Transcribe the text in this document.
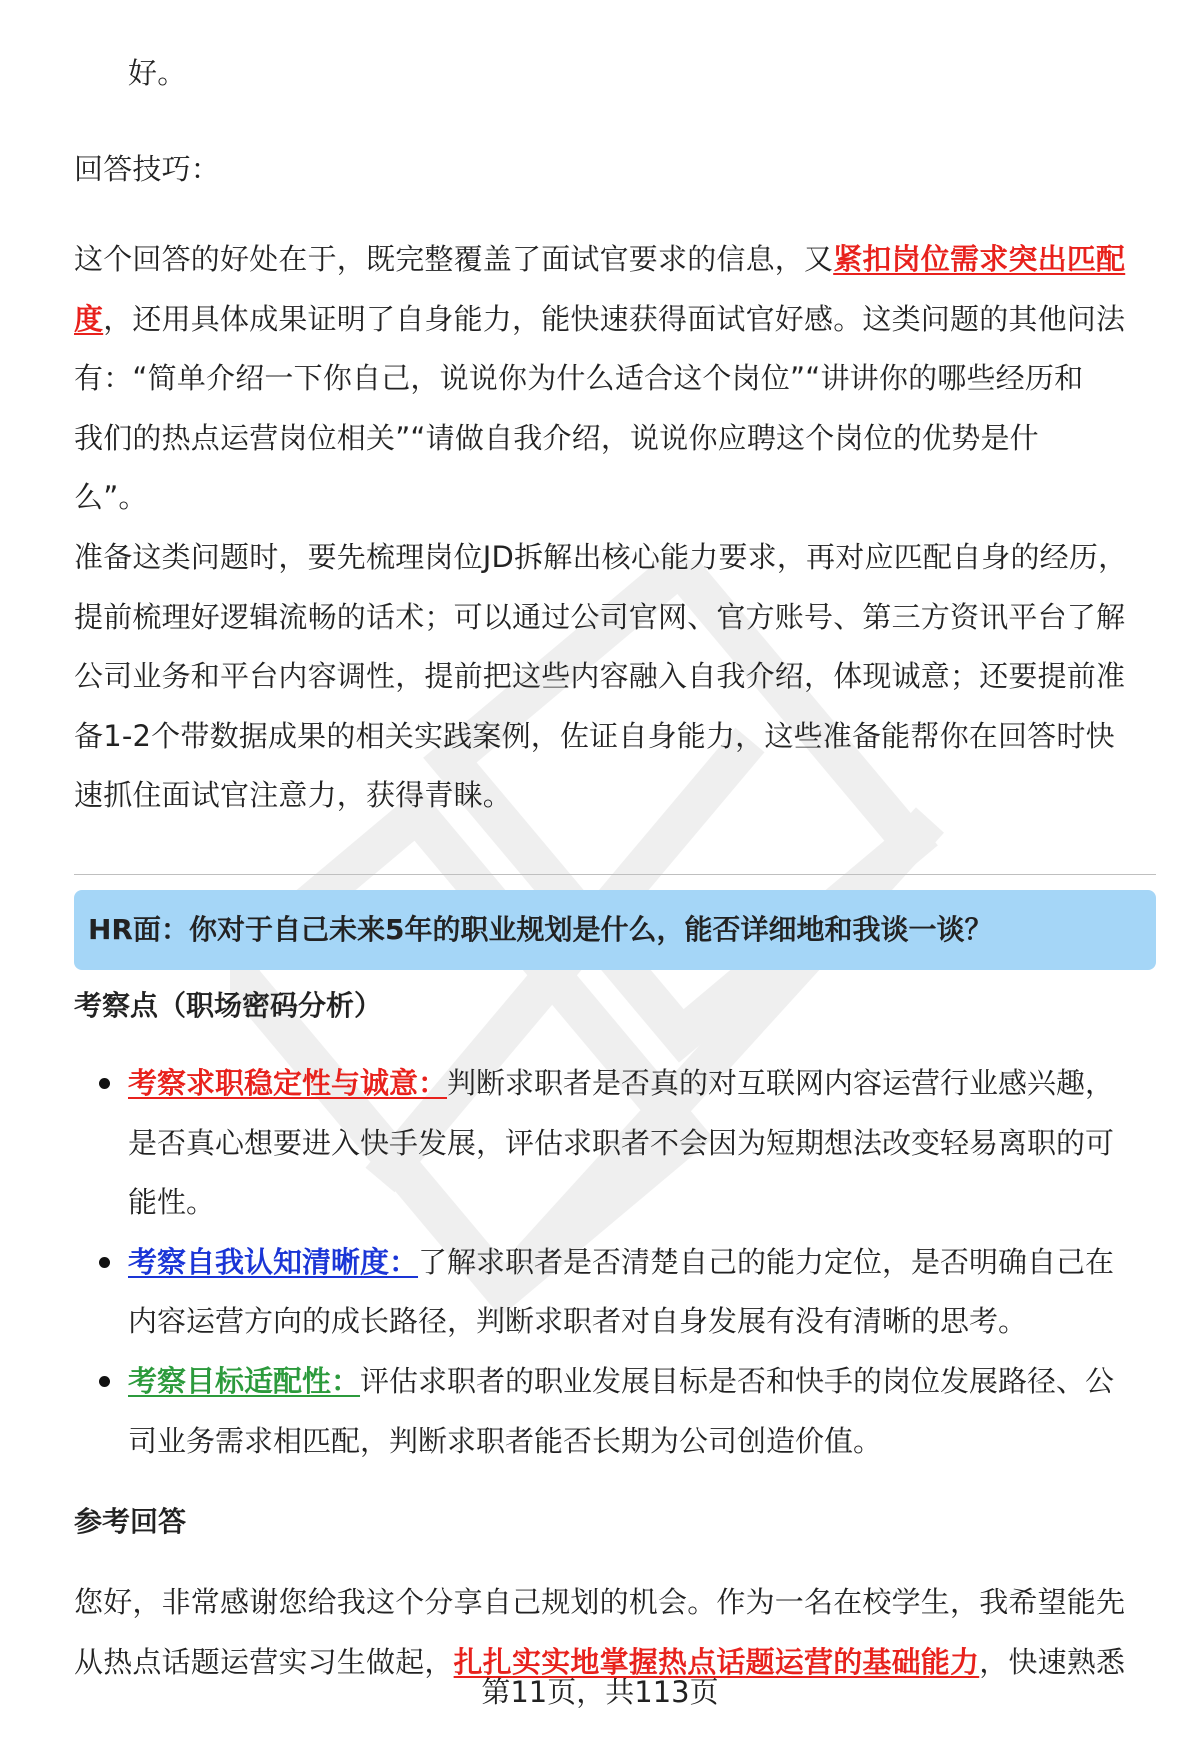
好。

回答技巧：

这个回答的好处在于，既完整覆盖了面试官要求的信息，又紧扣岗位需求突出匹配
度，还用具体成果证明了自身能力，能快速获得面试官好感。这类问题的其他问法
有：“简单介绍一下你自己，说说你为什么适合这个岗位”“讲讲你的哪些经历和
我们的热点运营岗位相关”“请做自我介绍，说说你应聘这个岗位的优势是什
么”。

准备这类问题时，要先梳理岗位JD拆解出核心能力要求，再对应匹配自身的经历，
提前梳理好逻辑流畅的话术；可以通过公司官网、官方账号、第三方资讯平台了解
公司业务和平台内容调性，提前把这些内容融入自我介绍，体现诚意；还要提前准
备1-2个带数据成果的相关实践案例，佐证自身能力，这些准备能帮你在回答时快
速抓住面试官注意力，获得青睐。

HR面：你对于自己未来5年的职业规划是什么，能否详细地和我谈一谈？
考察点（职场密码分析）
考察求职稳定性与诚意：判断求职者是否真的对互联网内容运营行业感兴趣，
是否真心想要进入快手发展，评估求职者不会因为短期想法改变轻易离职的可
能性。
考察自我认知清晰度：了解求职者是否清楚自己的能力定位，是否明确自己在
内容运营方向的成长路径，判断求职者对自身发展有没有清晰的思考。
考察目标适配性：评估求职者的职业发展目标是否和快手的岗位发展路径、公
司业务需求相匹配，判断求职者能否长期为公司创造价值。
参考回答

您好，非常感谢您给我这个分享自己规划的机会。作为一名在校学生，我希望能先
从热点话题运营实习生做起，扎扎实实地掌握热点话题运营的基础能力，快速熟悉

第11页，共113页
